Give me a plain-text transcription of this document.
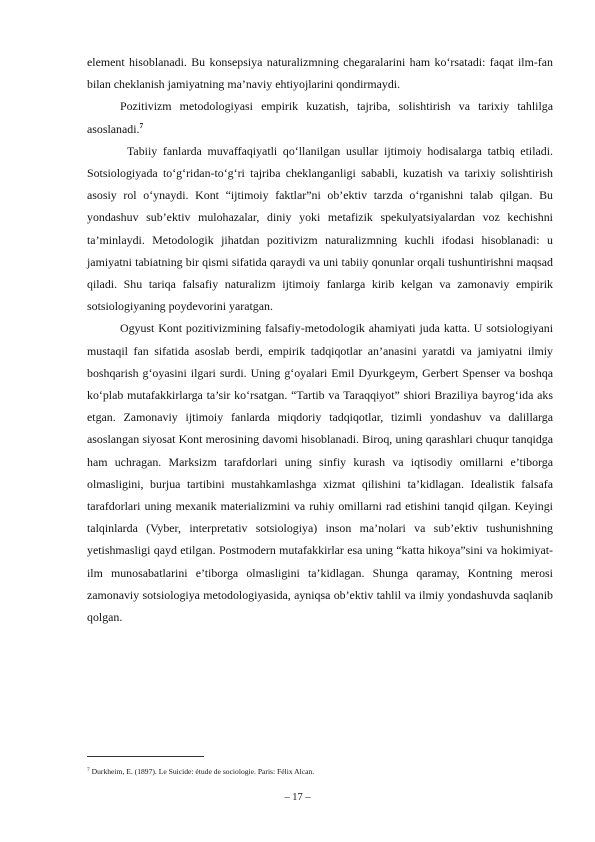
element hisoblanadi. Bu konsepsiya naturalizmning chegaralarini ham ko‘rsatadi: faqat ilm-fan bilan cheklanish jamiyatning ma’naviy ehtiyojlarini qondirmaydi.

Pozitivizm metodologiyasi empirik kuzatish, tajriba, solishtirish va tarixiy tahlilga asoslanadi.$^7$

Tabiiy fanlarda muvaffaqiyatli qo‘llanilgan usullar ijtimoiy hodisalarga tatbiq etiladi. Sotsiologiyada to‘g‘ridan-to‘g‘ri tajriba cheklanganligi sababli, kuzatish va tarixiy solishtirish asosiy rol o‘ynaydi. Kont “ijtimoiy faktlar”ni ob’ektiv tarzda o‘rganishni talab qilgan. Bu yondashuv sub’ektiv mulohazalar, diniy yoki metafizik spekulyatsiyalardan voz kechishni ta’minlaydi. Metodologik jihatdan pozitivizm naturalizmning kuchli ifodasi hisoblanadi: u jamiyatni tabiatning bir qismi sifatida qaraydi va uni tabiiy qonunlar orqali tushuntirishni maqsad qiladi. Shu tariqa falsafiy naturalizm ijtimoiy fanlarga kirib kelgan va zamonaviy empirik sotsiologiyaning poydevorini yaratgan.

Ogyust Kont pozitivizmining falsafiy-metodologik ahamiyati juda katta. U sotsiologiyani mustaqil fan sifatida asoslab berdi, empirik tadqiqotlar an’anasini yaratdi va jamiyatni ilmiy boshqarish g‘oyasini ilgari surdi. Uning g‘oyalari Emil Dyurkgeym, Gerbert Spenser va boshqa ko‘plab mutafakkirlarga ta’sir ko‘rsatgan. “Tartib va Taraqqiyot” shiori Braziliya bayrog‘ida aks etgan. Zamonaviy ijtimoiy fanlarda miqdoriy tadqiqotlar, tizimli yondashuv va dalillarga asoslangan siyosat Kont merosining davomi hisoblanadi. Biroq, uning qarashlari chuqur tanqidga ham uchragan. Marksizm tarafdorlari uning sinfiy kurash va iqtisodiy omillarni e’tiborga olmasligini, burjua tartibini mustahkamlashga xizmat qilishini ta’kidlagan. Idealistik falsafa tarafdorlari uning mexanik materializmini va ruhiy omillarni rad etishini tanqid qilgan. Keyingi talqinlarda (Vyber, interpretativ sotsiologiya) inson ma’nolari va sub’ektiv tushunishning yetishmasligi qayd etilgan. Postmodern mutafakkirlar esa uning “katta hikoya”sini va hokimiyat-ilm munosabatlarini e’tiborga olmasligini ta’kidlagan. Shunga qaramay, Kontning merosi zamonaviy sotsiologiya metodologiyasida, ayniqsa ob’ektiv tahlil va ilmiy yondashuvda saqlanib qolgan.

$^7$ Durkheim, E. (1897). Le Suicide: étude de sociologie. Paris: Félix Alcan.
– 17 –
